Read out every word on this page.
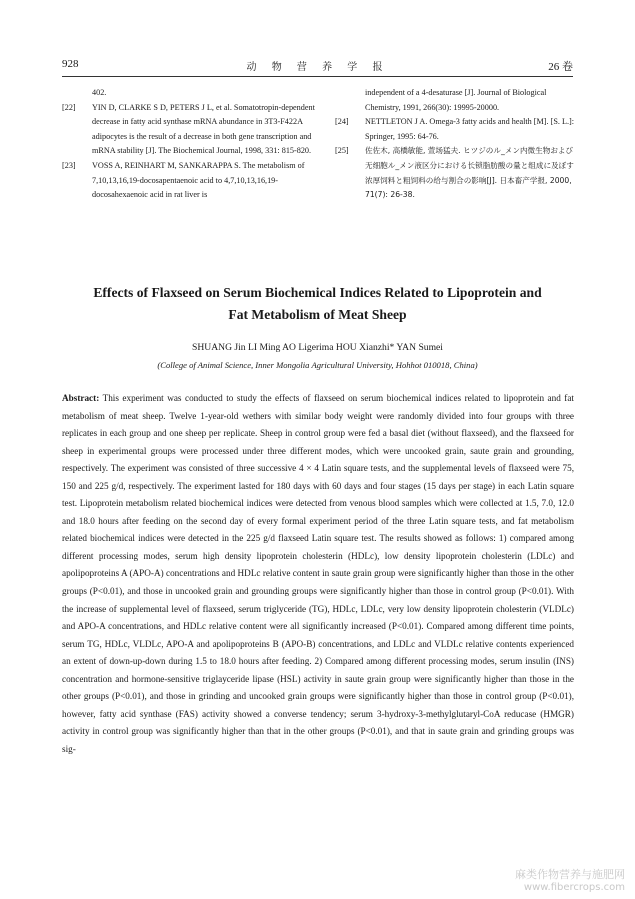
928	动 物 营 养 学 报	26 卷
402.
[22] YIN D, CLARKE S D, PETERS J L, et al. Somatotropin-dependent decrease in fatty acid synthase mRNA abundance in 3T3-F422A adipocytes is the result of a decrease in both gene transcription and mRNA stability [J]. The Biochemical Journal, 1998, 331: 815-820.
[23] VOSS A, REINHART M, SANKARAPPA S. The metabolism of 7,10,13,16,19-docosapentaenoic acid to 4,7,10,13,16,19-docosahexaenoic acid in rat liver is
independent of a 4-desaturase [J]. Journal of Biological Chemistry, 1991, 266(30): 19995-20000.
[24] NETTLETON J A. Omega-3 fatty acids and health [M]. [S. L.]: Springer, 1995: 64-76.
[25] 佐佐木, 高橋敏能, 萱场猛夫. ヒツジのル_メン内微生物および无细胞ル_メン液区分における长锁脂肪酸の量と组成に及ぼす浓厚饲料と粗饲料の给与割合の影响[J]. 日本畜产学报, 2000, 71(7): 26-38.
Effects of Flaxseed on Serum Biochemical Indices Related to Lipoprotein and
Fat Metabolism of Meat Sheep
SHUANG Jin LI Ming AO Ligerima HOU Xianzhi* YAN Sumei
(College of Animal Science, Inner Mongolia Agricultural University, Hohhot 010018, China)
Abstract: This experiment was conducted to study the effects of flaxseed on serum biochemical indices related to lipoprotein and fat metabolism of meat sheep. Twelve 1-year-old wethers with similar body weight were randomly divided into four groups with three replicates in each group and one sheep per replicate. Sheep in control group were fed a basal diet (without flaxseed), and the flaxseed for sheep in experimental groups were processed under three different modes, which were uncooked grain, saute grain and grounding, respectively. The experiment was consisted of three successive 4 × 4 Latin square tests, and the supplemental levels of flaxseed were 75, 150 and 225 g/d, respectively. The experiment lasted for 180 days with 60 days and four stages (15 days per stage) in each Latin square test. Lipoprotein metabolism related biochemical indices were detected from venous blood samples which were collected at 1.5, 7.0, 12.0 and 18.0 hours after feeding on the second day of every formal experiment period of the three Latin square tests, and fat metabolism related biochemical indices were detected in the 225 g/d flaxseed Latin square test. The results showed as follows: 1) compared among different processing modes, serum high density lipoprotein cholesterin (HDLc), low density lipoprotein cholesterin (LDLc) and apolipoproteins A (APO-A) concentrations and HDLc relative content in saute grain group were significantly higher than those in the other groups (P<0.01), and those in uncooked grain and grounding groups were significantly higher than those in control group (P<0.01). With the increase of supplemental level of flaxseed, serum triglyceride (TG), HDLc, LDLc, very low density lipoprotein cholesterin (VLDLc) and APO-A concentrations, and HDLc relative content were all significantly increased (P<0.01). Compared among different time points, serum TG, HDLc, VLDLc, APO-A and apolipoproteins B (APO-B) concentrations, and LDLc and VLDLc relative contents experienced an extent of down-up-down during 1.5 to 18.0 hours after feeding. 2) Compared among different processing modes, serum insulin (INS) concentration and hormone-sensitive triglayceride lipase (HSL) activity in saute grain group were significantly higher than those in the other groups (P<0.01), and those in grinding and uncooked grain groups were significantly higher than those in control group (P<0.01), however, fatty acid synthase (FAS) activity showed a converse tendency; serum 3-hydroxy-3-methylglutaryl-CoA reducase (HMGR) activity in control group was significantly higher than that in the other groups (P<0.01), and that in saute grain and grinding groups was sig-
麻类作物营养与施肥网
www.fibercrops.com
